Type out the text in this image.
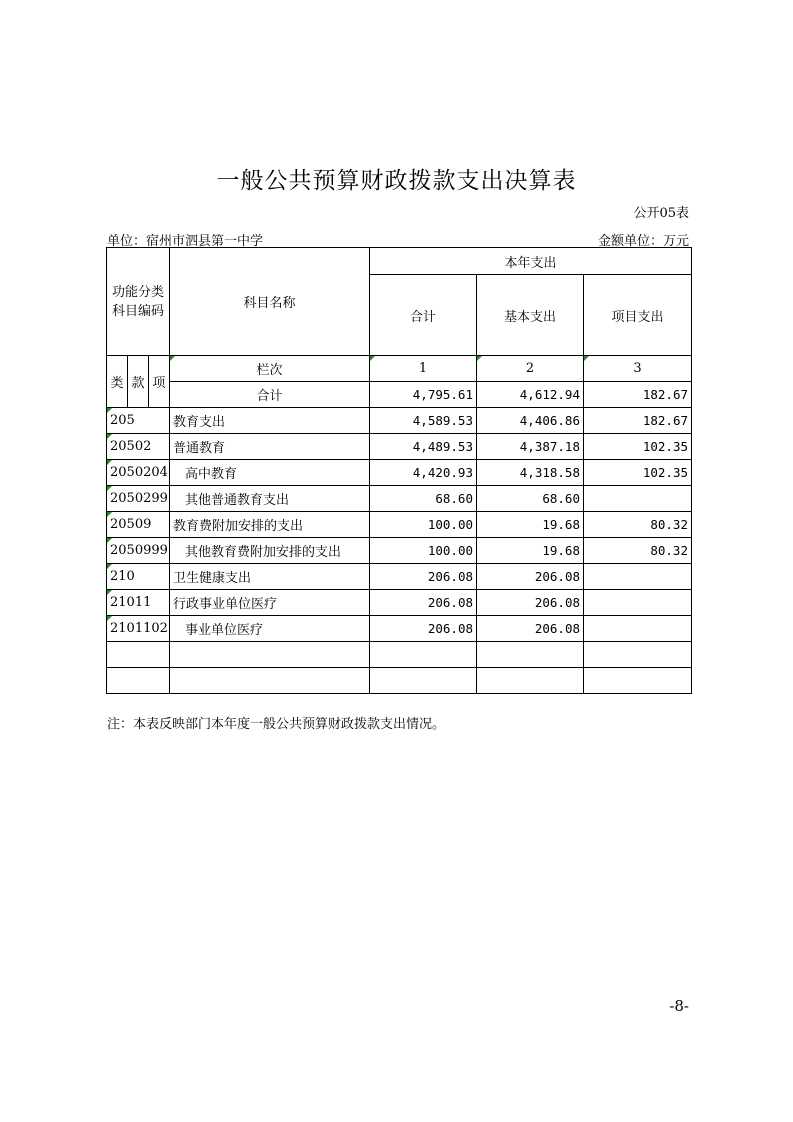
一般公共预算财政拨款支出决算表
公开05表
单位：宿州市泗县第一中学	金额单位：万元
功能分类
科目编码			科目名称	本年支出		
				合计	基本支出	项目支出
类	款	项	栏次	1	2	3
			合计	4,795.61	4,612.94	182.67
205			教育支出	4,589.53	4,406.86	182.67
20502			普通教育	4,489.53	4,387.18	102.35
2050204			高中教育	4,420.93	4,318.58	102.35
2050299			其他普通教育支出	68.60	68.60	
20509			教育费附加安排的支出	100.00	19.68	80.32
2050999			其他教育费附加安排的支出	100.00	19.68	80.32
210			卫生健康支出	206.08	206.08	
21011			行政事业单位医疗	206.08	206.08	
2101102			事业单位医疗	206.08	206.08	

注：本表反映部门本年度一般公共预算财政拨款支出情况。
-8-
